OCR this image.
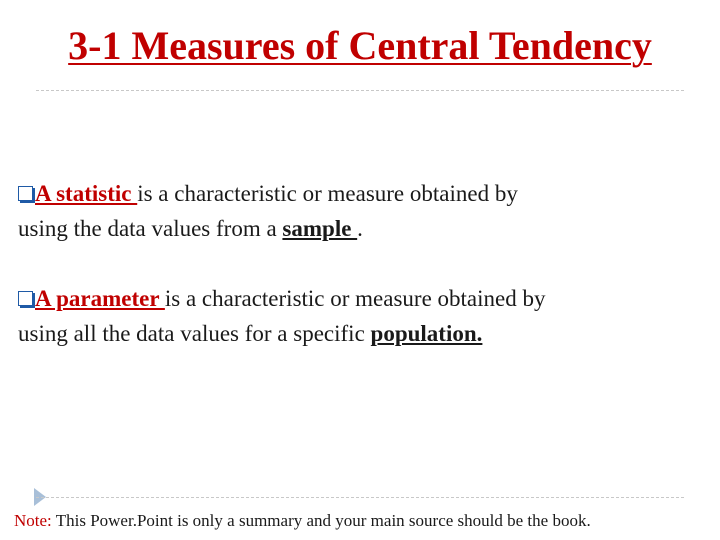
3-1 Measures of Central Tendency
A statistic is a characteristic or measure obtained by
using the data values from a sample .
A parameter is a characteristic or measure obtained by
using all the data values for a specific population.
Note: This Power.Point is only a summary and your main source should be the book.
